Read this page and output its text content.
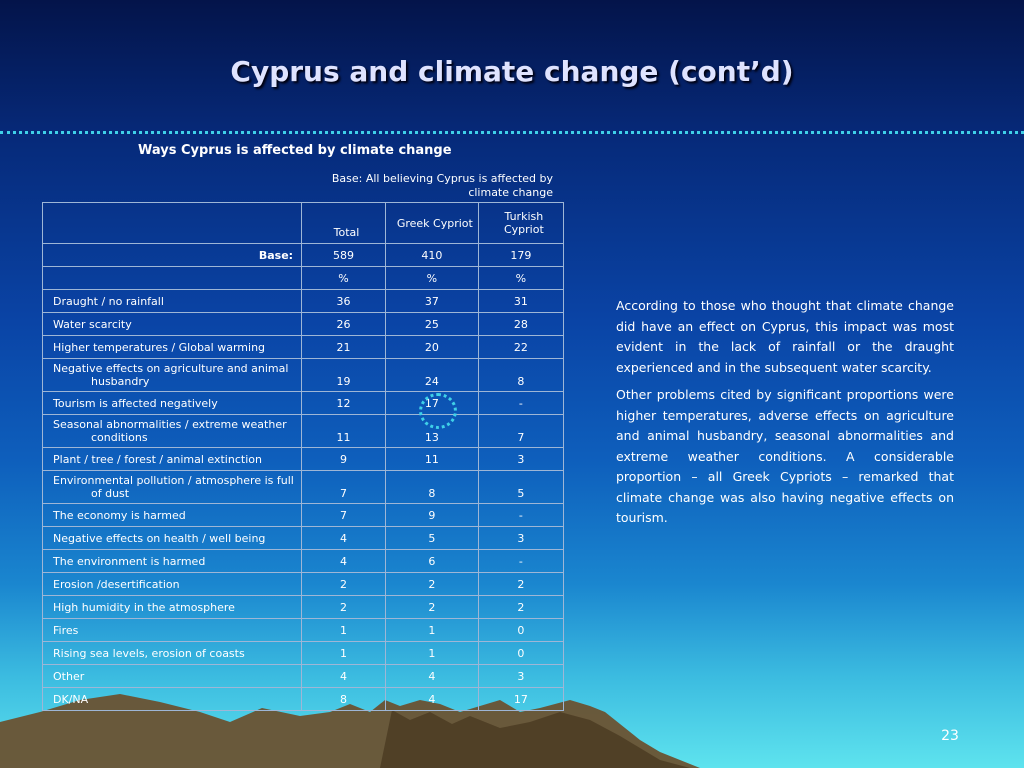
Cyprus and climate change (cont’d)
Ways Cyprus is affected by climate change
Base: All believing Cyprus is affected by climate change
	Total	Greek Cypriot	Turkish Cypriot
Base:	589	410	179
	%	%	%
Draught / no rainfall	36	37	31
Water scarcity	26	25	28
Higher temperatures / Global warming	21	20	22
Negative effects on agriculture and animal
husbandry	19	24	8
Tourism is affected negatively	12	17	-
Seasonal abnormalities / extreme weather
conditions	11	13	7
Plant / tree / forest / animal extinction	9	11	3
Environmental pollution / atmosphere is full
of dust	7	8	5
The economy is harmed	7	9	-
Negative effects on health / well being	4	5	3
The environment is harmed	4	6	-
Erosion /desertification	2	2	2
High humidity in the atmosphere	2	2	2
Fires	1	1	0
Rising sea levels, erosion of coasts	1	1	0
Other	4	4	3
DK/NA	8	4	17

According to those who thought that climate change did have an effect on Cyprus, this impact was most evident in the lack of rainfall or the draught experienced and in the subsequent water scarcity.

Other problems cited by significant proportions were higher temperatures, adverse effects on agriculture and animal husbandry, seasonal abnormalities and extreme weather conditions. A considerable proportion – all Greek Cypriots – remarked that climate change was also having negative effects on tourism.

23
